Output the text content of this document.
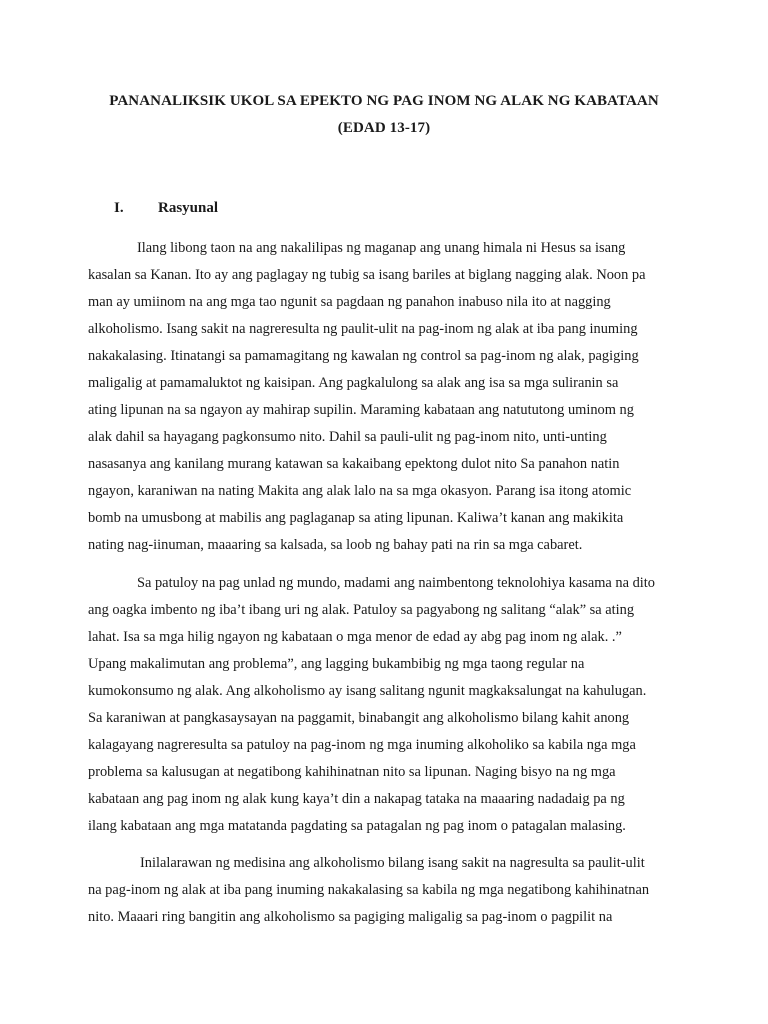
PANANALIKSIK UKOL SA EPEKTO NG PAG INOM NG ALAK NG KABATAAN
(EDAD 13-17)
I. Rasyunal

Ilang libong taon na ang nakalilipas ng maganap ang unang himala ni Hesus sa isang
kasalan sa Kanan. Ito ay ang paglagay ng tubig sa isang bariles at biglang nagging alak. Noon pa
man ay umiinom na ang mga tao ngunit sa pagdaan ng panahon inabuso nila ito at nagging
alkoholismo. Isang sakit na nagreresulta ng paulit-ulit na pag-inom ng alak at iba pang inuming
nakakalasing. Itinatangi sa pamamagitang ng kawalan ng control sa pag-inom ng alak, pagiging
maligalig at pamamaluktot ng kaisipan. Ang pagkalulong sa alak ang isa sa mga suliranin sa
ating lipunan na sa ngayon ay mahirap supilin. Maraming kabataan ang natututong uminom ng
alak dahil sa hayagang pagkonsumo nito. Dahil sa pauli-ulit ng pag-inom nito, unti-unting
nasasanya ang kanilang murang katawan sa kakaibang epektong dulot nito Sa panahon natin
ngayon, karaniwan na nating Makita ang alak lalo na sa mga okasyon. Parang isa itong atomic
bomb na umusbong at mabilis ang paglaganap sa ating lipunan. Kaliwa’t kanan ang makikita
nating nag-iinuman, maaaring sa kalsada, sa loob ng bahay pati na rin sa mga cabaret.

Sa patuloy na pag unlad ng mundo, madami ang naimbentong teknolohiya kasama na dito
ang oagka imbento ng iba’t ibang uri ng alak. Patuloy sa pagyabong ng salitang “alak” sa ating
lahat. Isa sa mga hilig ngayon ng kabataan o mga menor de edad ay abg pag inom ng alak. .”
Upang makalimutan ang problema”, ang lagging bukambibig ng mga taong regular na
kumokonsumo ng alak. Ang alkoholismo ay isang salitang ngunit magkaksalungat na kahulugan.
Sa karaniwan at pangkasaysayan na paggamit, binabangit ang alkoholismo bilang kahit anong
kalagayang nagreresulta sa patuloy na pag-inom ng mga inuming alkoholiko sa kabila nga mga
problema sa kalusugan at negatibong kahihinatnan nito sa lipunan. Naging bisyo na ng mga
kabataan ang pag inom ng alak kung kaya’t din a nakapag tataka na maaaring nadadaig pa ng
ilang kabataan ang mga matatanda pagdating sa patagalan ng pag inom o patagalan malasing.

Inilalarawan ng medisina ang alkoholismo bilang isang sakit na nagresulta sa paulit-ulit
na pag-inom ng alak at iba pang inuming nakakalasing sa kabila ng mga negatibong kahihinatnan
nito. Maaari ring bangitin ang alkoholismo sa pagiging maligalig sa pag-inom o pagpilit na
